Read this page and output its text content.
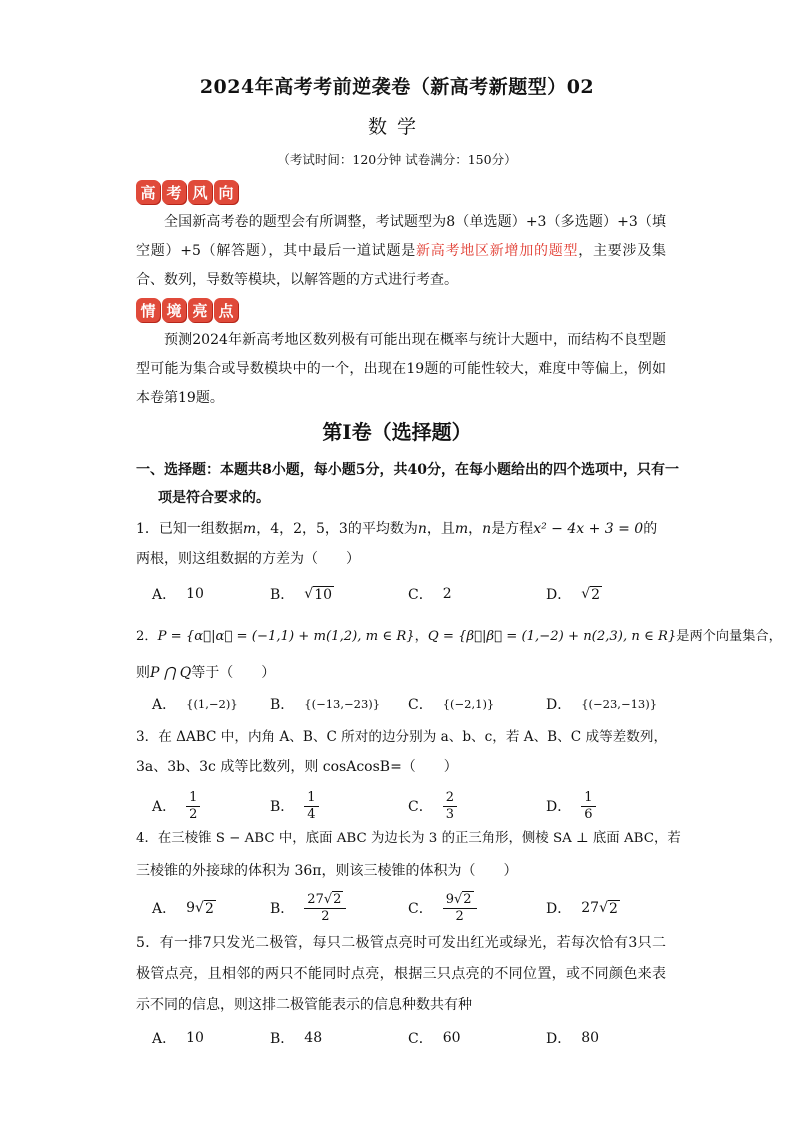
2024年高考考前逆袭卷（新高考新题型）02
数学
（考试时间：120分钟 试卷满分：150分）
高 考 风 向
全国新高考卷的题型会有所调整，考试题型为8（单选题）+3（多选题）+3（填空题）+5（解答题），其中最后一道试题是新高考地区新增加的题型，主要涉及集合、数列，导数等模块，以解答题的方式进行考查。
情 境 亮 点
预测2024年新高考地区数列极有可能出现在概率与统计大题中，而结构不良型题型可能为集合或导数模块中的一个，出现在19题的可能性较大，难度中等偏上，例如本卷第19题。
第I卷（选择题）
一、选择题：本题共8小题，每小题5分，共40分，在每小题给出的四个选项中，只有一项是符合要求的。
1．已知一组数据m，4，2，5，3的平均数为n，且m，n是方程x² − 4x + 3 = 0的两根，则这组数据的方差为（　　）
A． 10	B． √ 10	C． 2	D． √ 2
2．P = {α⃗|α⃗ = (−1,1) + m(1,2), m ∈ R}，Q = {β⃗|β⃗ = (1,−2) + n(2,3), n ∈ R}是两个向量集合，
则P ⋂ Q等于（　　）
A． {(1,−2)} B． {(−13,−23)} C． {(−2,1)}	D． {(−23,−13)}
3．在 ΔABC 中，内角 A、B、C 所对的边分别为 a、b、c，若 A、B、C 成等差数列，
3a、3b、3c 成等比数列，则 cosAcosB=（　　）
A． $\frac{1}{2}$	B． $\frac{1}{4}$	C． $\frac{2}{3}$	D． $\frac{1}{6}$
4．在三棱锥 S − ABC 中，底面 ABC 为边长为 3 的正三角形，侧棱 SA ⊥ 底面 ABC，若
三棱锥的外接球的体积为 36π，则该三棱锥的体积为（　　）
A． 9 √ 2	B． $\frac{27√2}{2}$	C． $\frac{9√2}{2}$	D． 27 √ 2
5．有一排7只发光二极管，每只二极管点亮时可发出红光或绿光，若每次恰有3只二极管点亮，且相邻的两只不能同时点亮，根据三只点亮的不同位置，或不同颜色来表示不同的信息，则这排二极管能表示的信息种数共有种
A． 10	B． 48	C． 60	D． 80
